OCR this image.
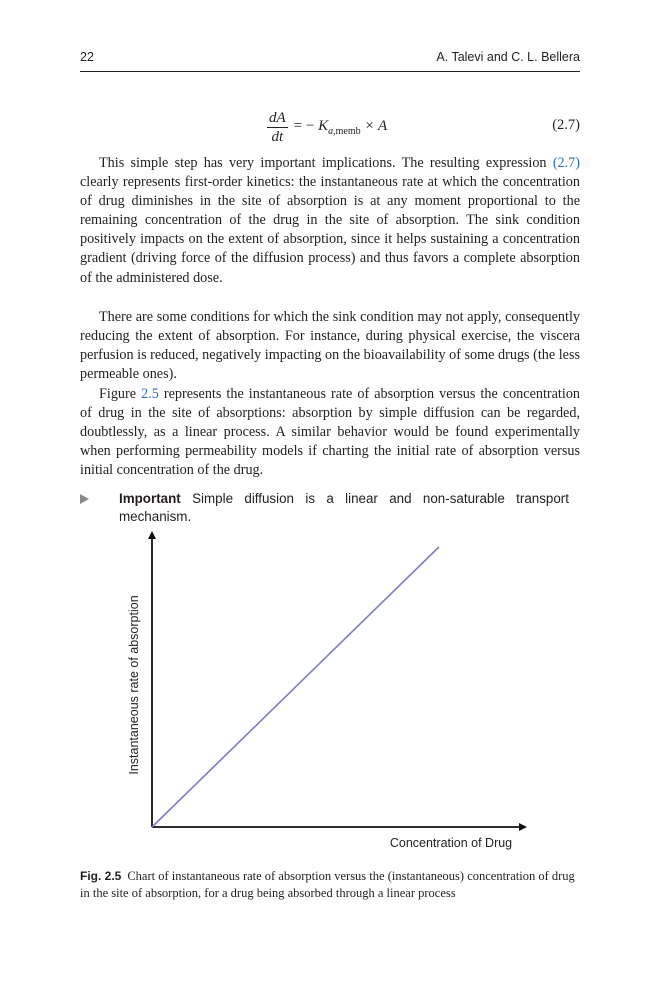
22	A. Talevi and C. L. Bellera
$\frac{dA}{dt}$ = − $K_{a,memb} \times A$	(2.7)

This simple step has very important implications. The resulting expression (2.7) clearly represents first-order kinetics: the instantaneous rate at which the concentration of drug diminishes in the site of absorption is at any moment proportional to the remaining concentration of the drug in the site of absorption. The sink condition positively impacts on the extent of absorption, since it helps sustaining a concentration gradient (driving force of the diffusion process) and thus favors a complete absorption of the administered dose.

There are some conditions for which the sink condition may not apply, consequently reducing the extent of absorption. For instance, during physical exercise, the viscera perfusion is reduced, negatively impacting on the bioavailability of some drugs (the less permeable ones).

Figure 2.5 represents the instantaneous rate of absorption versus the concentration of drug in the site of absorptions: absorption by simple diffusion can be regarded, doubtlessly, as a linear process. A similar behavior would be found experimentally when performing permeability models if charting the initial rate of absorption versus initial concentration of the drug.

Important Simple diffusion is a linear and non-saturable transport mechanism.
Instantaneous rate of absorption
Concentration of Drug
Fig. 2.5 Chart of instantaneous rate of absorption versus the (instantaneous) concentration of drug in the site of absorption, for a drug being absorbed through a linear process
